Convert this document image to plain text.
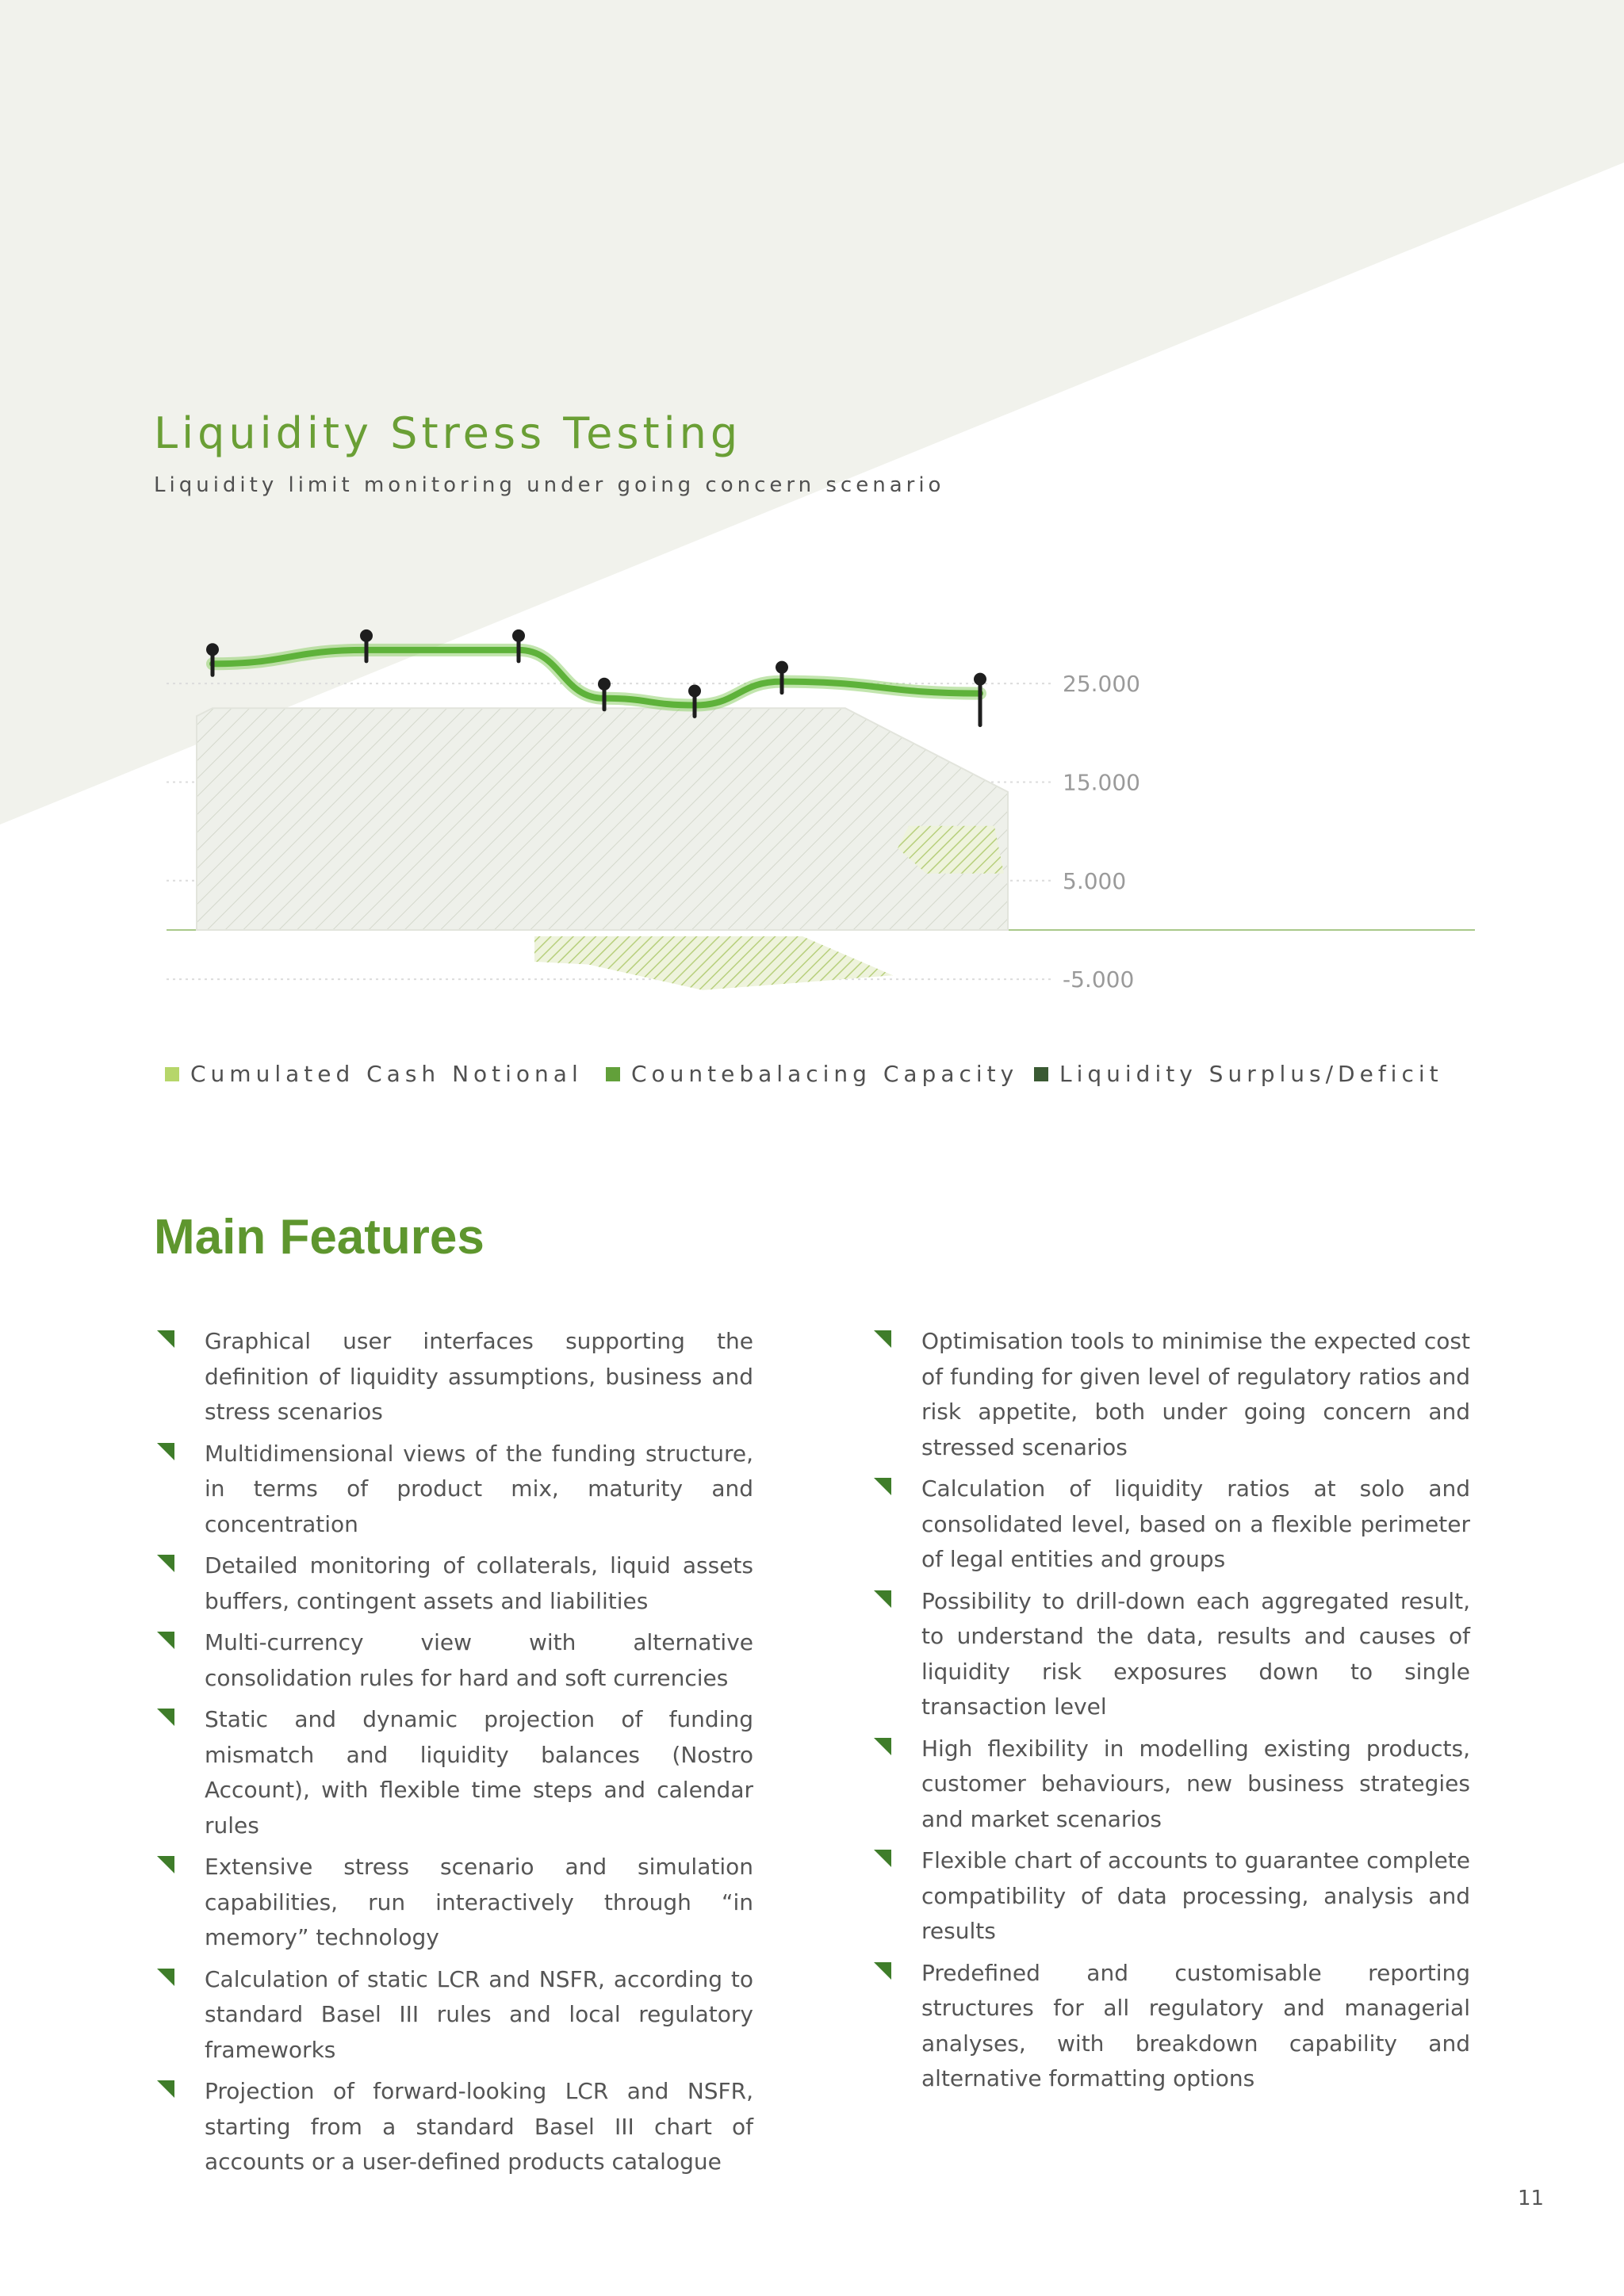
Liquidity Stress Testing

Liquidity limit monitoring under going concern scenario

25.000
15.000
5.000
-5.000
Cumulated Cash Notional Countebalacing Capacity Liquidity Surplus/Deficit
Main Features
Graphical user interfaces supporting the definition of liquidity assumptions, business and stress scenarios
Multidimensional views of the funding structure, in terms of product mix, maturity and concentration
Detailed monitoring of collaterals, liquid assets buffers, contingent assets and liabilities
Multi-currency view with alternative consolidation rules for hard and soft currencies
Static and dynamic projection of funding mismatch and liquidity balances (Nostro Account), with flexible time steps and calendar rules
Extensive stress scenario and simulation capabilities, run interactively through “in memory” technology
Calculation of static LCR and NSFR, according to standard Basel III rules and local regulatory frameworks
Projection of forward-looking LCR and NSFR, starting from a standard Basel III chart of accounts or a user-defined products catalogue
Optimisation tools to minimise the expected cost of funding for given level of regulatory ratios and risk appetite, both under going concern and stressed scenarios
Calculation of liquidity ratios at solo and consolidated level, based on a flexible perimeter of legal entities and groups
Possibility to drill-down each aggregated result, to understand the data, results and causes of liquidity risk exposures down to single transaction level
High flexibility in modelling existing products, customer behaviours, new business strategies and market scenarios
Flexible chart of accounts to guarantee complete compatibility of data processing, analysis and results
Predefined and customisable reporting structures for all regulatory and managerial analyses, with breakdown capability and alternative formatting options
11
